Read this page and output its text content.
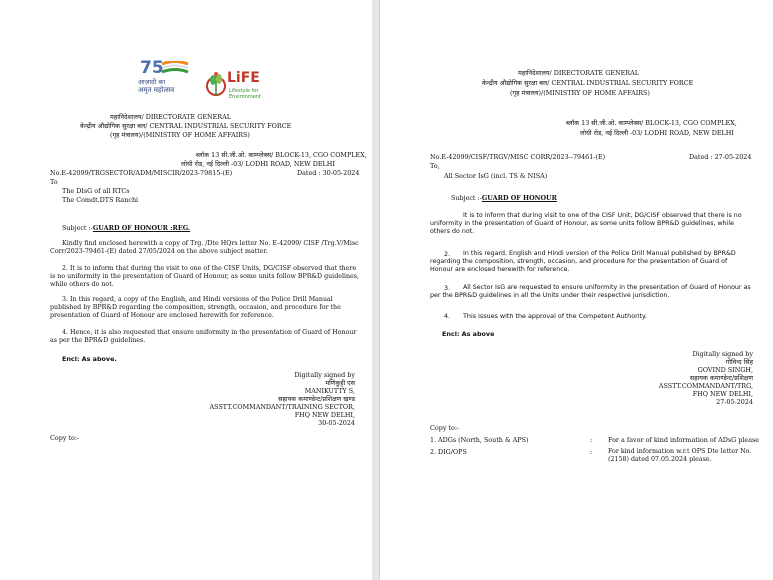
75
आज़ादी का
अमृत महोत्सव
LiFE
Lifestyle for
Environment
महानिदेशालय/ DIRECTORATE GENERAL
केन्द्रीय औद्योगिक सुरक्षा बल/ CENTRAL INDUSTRIAL SECURITY FORCE
(गृह मंत्रालय)/(MINISTRY OF HOME AFFAIRS)
ब्लॉक 13 सी.जी.ओ. काम्प्लेक्स/ BLOCK-13, CGO COMPLEX,
लोधी रोड, नई दिल्ली -03/ LODHI ROAD, NEW DELHI
No.E-42099/TRGSECTOR/ADM/MISCIR/2023-79815-(E)	Dated : 30-05-2024
To
The DIsG of all RTCs
The Comdt.DTS Ranchi
Subject :-GUARD OF HONOUR :REG.
Kindly find enclosed herewith a copy of Trg. /Dte HQrs letter No. E-42099/ CISF /Trg.V/Misc Corr/2023-79461-(E) dated 27/05/2024 on the above subject matter.
2. It is to inform that during the visit to one of the CISF Units, DG/CISF observed that there is no uniformity in the presentation of Guard of Honour, as some units follow BPR&D guidelines, while others do not.
3. In this regard, a copy of the English, and Hindi versions of the Police Drill Manual published by BPR&D regarding the composition, strength, occasion, and procedure for the presentation of Guard of Honour are enclosed herewith for reference.
4. Hence, it is also requested that ensure uniformity in the presentation of Guard of Honour as per the BPR&D guidelines.
Encl: As above.
Digitally signed by
मणिकुट्टी एस
MANIKUTTY S,
सहायक कमाण्डेन्ट/प्रशिक्षण खण्ड
ASSTT.COMMANDANT/TRAINING SECTOR,
FHQ NEW DELHI,
30-05-2024
Copy to:-
महानिदेशालय/ DIRECTORATE GENERAL
केन्द्रीय औद्योगिक सुरक्षा बल/ CENTRAL INDUSTRIAL SECURITY FORCE
(गृह मंत्रालय)/(MINISTRY OF HOME AFFAIRS)
ब्लॉक 13 सी.जी.ओ. काम्प्लेक्स/ BLOCK-13, CGO COMPLEX,
लोधी रोड, नई दिल्ली -03/ LODHI ROAD, NEW DELHI
No.E-42099/CISF/TRGV/MISC CORR/2023--79461-(E)	Dated : 27-05-2024
To,
All Sector IsG (incl. TS & NISA)
Subject :-GUARD OF HONOUR
It is to inform that during visit to one of the CISF Unit, DG/CISF observed that there is no uniformity in the presentation of Guard of Honour, as some units follow BPR&D guidelines, while others do not.
2.	In this regard, English and Hindi version of the Police Drill Manual published by BPR&D regarding the composition, strength, occasion, and procedure for the presentation of Guard of Honour are enclosed herewith for reference.
3.	All Sector IsG are requested to ensure uniformity in the presentation of Guard of Honour as per the BPR&D guidelines in all the Units under their respective jurisdiction.
4. This issues with the approval of the Competent Authority.
Encl: As above
Digitally signed by
गोविन्द सिंह
GOVIND SINGH,
सहायक कमाण्डेन्ट/प्रशिक्षण
ASSTT.COMMANDANT/TRG,
FHQ NEW DELHI,
27-05-2024
Copy to:-
1. ADGs (North, South & APS)	: For a favor of kind information of ADsG please
2. DIG/OPS	:	For kind information w.r.t OPS Dte letter No. (2158) dated 07.05.2024 please.
